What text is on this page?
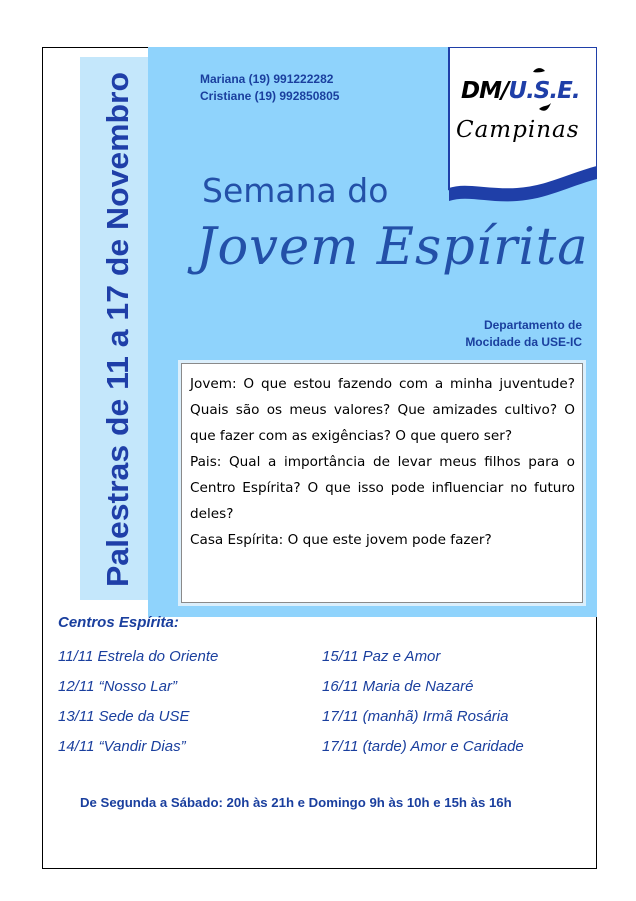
Palestras de 11 a 17 de Novembro
Mariana (19) 991222282
Cristiane (19) 992850805	DM/U.S.E.
Campinas
Semana do
Jovem Espírita
Departamento de
Mocidade da USE-IC
Jovem: O que estou fazendo com a minha juventude? Quais são os meus valores? Que amizades cultivo? O que fazer com as exigências? O que quero ser?
Pais: Qual a importância de levar meus filhos para o Centro Espírita? O que isso pode influenciar no futuro deles?
Casa Espírita: O que este jovem pode fazer?
Centros Espírita:
11/11 Estrela do Oriente
12/11 “Nosso Lar”
13/11 Sede da USE
14/11 “Vandir Dias”
15/11 Paz e Amor
16/11 Maria de Nazaré
17/11 (manhã) Irmã Rosária
17/11 (tarde) Amor e Caridade
De Segunda a Sábado: 20h às 21h e Domingo 9h às 10h e 15h às 16h
